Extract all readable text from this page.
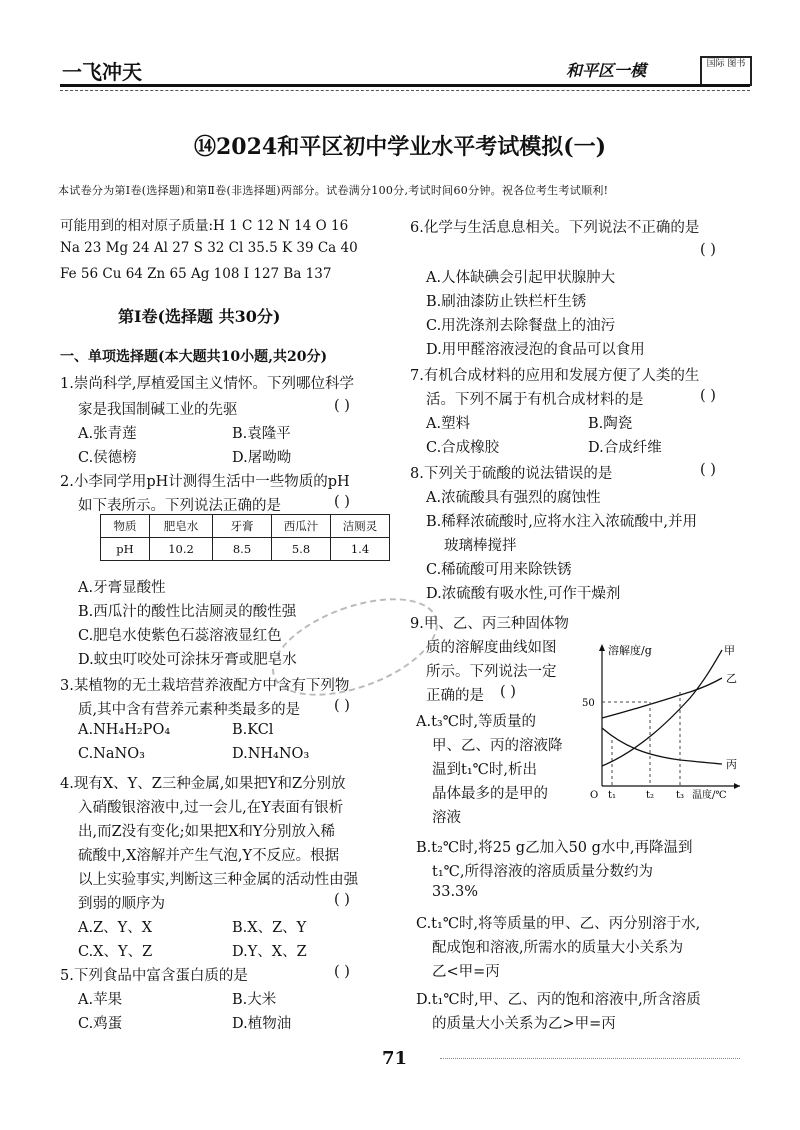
一飞冲天	和平区一模	国际 图书
⑭2024和平区初中学业水平考试模拟(一)
本试卷分为第Ⅰ卷(选择题)和第Ⅱ卷(非选择题)两部分。试卷满分100分,考试时间60分钟。祝各位考生考试顺利!
可能用到的相对原子质量:H 1 C 12 N 14 O 16
Na 23 Mg 24 Al 27 S 32 Cl 35.5 K 39 Ca 40
Fe 56 Cu 64 Zn 65 Ag 108 I 127 Ba 137
第Ⅰ卷(选择题 共30分)
一、单项选择题(本大题共10小题,共20分)
1.崇尚科学,厚植爱国主义情怀。下列哪位科学
家是我国制碱工业的先驱	( )
A.张青莲	B.袁隆平
C.侯德榜	D.屠呦呦
2.小李同学用pH计测得生活中一些物质的pH
如下表所示。下列说法正确的是	( )
物质	肥皂水	牙膏	西瓜汁	洁厕灵
pH	10.2	8.5	5.8	1.4
A.牙膏显酸性
B.西瓜汁的酸性比洁厕灵的酸性强
C.肥皂水使紫色石蕊溶液显红色
D.蚊虫叮咬处可涂抹牙膏或肥皂水
3.某植物的无土栽培营养液配方中含有下列物
质,其中含有营养元素种类最多的是 ( )
A.NH₄H₂PO₄	B.KCl
C.NaNO₃	D.NH₄NO₃
4.现有X、Y、Z三种金属,如果把Y和Z分别放
入硝酸银溶液中,过一会儿,在Y表面有银析
出,而Z没有变化;如果把X和Y分别放入稀
硫酸中,X溶解并产生气泡,Y不反应。根据
以上实验事实,判断这三种金属的活动性由强
到弱的顺序为	( )
A.Z、Y、X	B.X、Z、Y
C.X、Y、Z	D.Y、X、Z
5.下列食品中富含蛋白质的是	( )
A.苹果	B.大米
C.鸡蛋	D.植物油
6.化学与生活息息相关。下列说法不正确的是
( )
A.人体缺碘会引起甲状腺肿大
B.刷油漆防止铁栏杆生锈
C.用洗涤剂去除餐盘上的油污
D.用甲醛溶液浸泡的食品可以食用
7.有机合成材料的应用和发展方便了人类的生
活。下列不属于有机合成材料的是	( )
A.塑料	B.陶瓷
C.合成橡胶	D.合成纤维
8.下列关于硫酸的说法错误的是	( )
A.浓硫酸具有强烈的腐蚀性
B.稀释浓硫酸时,应将水注入浓硫酸中,并用
玻璃棒搅拌
C.稀硫酸可用来除铁锈
D.浓硫酸有吸水性,可作干燥剂
9.甲、乙、丙三种固体物
质的溶解度曲线如图
所示。下列说法一定
正确的是 ( )
A.t₃℃时,等质量的
甲、乙、丙的溶液降
温到t₁℃时,析出
晶体最多的是甲的
溶液
B.t₂℃时,将25 g乙加入50 g水中,再降温到
t₁℃,所得溶液的溶质质量分数约为
33.3%
C.t₁℃时,将等质量的甲、乙、丙分别溶于水,
配成饱和溶液,所需水的质量大小关系为
乙<甲=丙
D.t₁℃时,甲、乙、丙的饱和溶液中,所含溶质
的质量大小关系为乙>甲=丙
溶解度/g
50
O t₁	t₂ t₃ 温度/℃
甲
乙
丙
71
